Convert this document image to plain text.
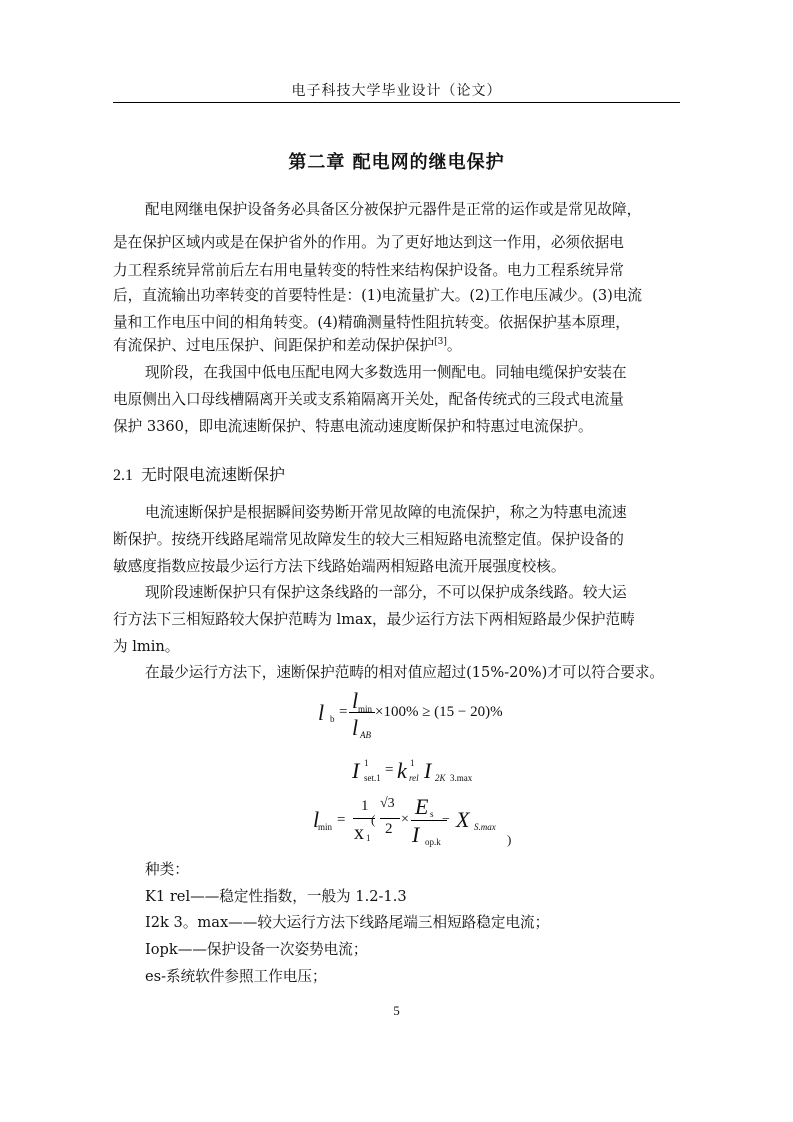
电子科技大学毕业设计（论文）
第二章 配电网的继电保护
配电网继电保护设备务必具备区分被保护元器件是正常的运作或是常见故障，
是在保护区域内或是在保护省外的作用。为了更好地达到这一作用，必须依据电
力工程系统异常前后左右用电量转变的特性来结构保护设备。电力工程系统异常
后，直流输出功率转变的首要特性是：(1)电流量扩大。(2)工作电压减少。(3)电流
量和工作电压中间的相角转变。(4)精确测量特性阻抗转变。依据保护基本原理，
有流保护、过电压保护、间距保护和差动保护保护[3]。
现阶段，在我国中低电压配电网大多数选用一侧配电。同轴电缆保护安装在
电原侧出入口母线槽隔离开关或支系箱隔离开关处，配备传统式的三段式电流量
保护 3360，即电流速断保护、特惠电流动速度断保护和特惠过电流保护。
2.1 无时限电流速断保护
电流速断保护是根据瞬间姿势断开常见故障的电流保护，称之为特惠电流速
断保护。按绕开线路尾端常见故障发生的较大三相短路电流整定值。保护设备的
敏感度指数应按最少运行方法下线路始端两相短路电流开展强度校核。
现阶段速断保护只有保护这条线路的一部分，不可以保护成条线路。较大运
行方法下三相短路较大保护范畴为 lmax，最少运行方法下两相短路最少保护范畴
为 lmin。
在最少运行方法下，速断保护范畴的相对值应超过(15%-20%)才可以符合要求。
l b = l min
l AB
×100% ≥ (15 − 20)%
I 1
set.1 = k 1
rel I 2K 3.max
l
min =
1
x 1
(
√3
2
×
E s
I op.k
− X S.max
)
种类：
K1 rel——稳定性指数，一般为 1.2-1.3
I2k 3。max——较大运行方法下线路尾端三相短路稳定电流；
Iopk——保护设备一次姿势电流；
es-系统软件参照工作电压；
5
